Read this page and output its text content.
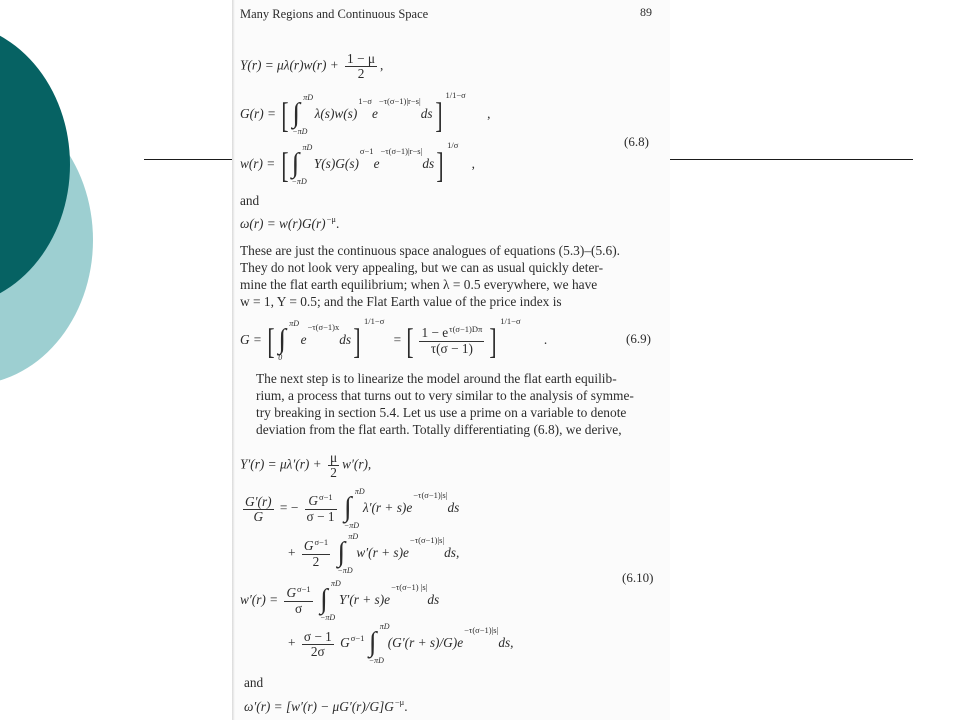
Many Regions and Continuous Space	89
$Y(r) = \mu\lambda(r)w(r) + \frac{1 - \mu}{2}$ ,
G(r) = [ ∫
πD
−πD
$\lambda(s)w(s)^{1-\sigma}e^{-\tau(\sigma-1)|r-s|}ds$] $^{1/1-\sigma}$ ,
(6.8)
w(r) = [ ∫
πD
−πD
$Y(s)G(s)^{\sigma-1}e^{-\tau(\sigma-1)|r-s|}ds$] $^{1/\sigma}$ ,
and
$\omega(r) = w(r)G(r)^{-\mu}$.
These are just the continuous space analogues of equations (5.3)–(5.6).
They do not look very appealing, but we can as usual quickly deter-
mine the flat earth equilibrium; when λ = 0.5 everywhere, we have
w = 1, Y = 0.5; and the Flat Earth value of the price index is
G = [ ∫
πD
0
$e^{-\tau(\sigma-1)x}ds$] $^{1/1-\sigma}$ = [ $\frac{1 - e^{\tau(\sigma-1)D\pi}}{\tau(\sigma - 1)}$ ] $^{1/1-\sigma}$ .	(6.9)
The next step is to linearize the model around the flat earth equilib-
rium, a process that turns out to very similar to the analysis of symme-
try breaking in section 5.4. Let us use a prime on a variable to denote
deviation from the flat earth. Totally differentiating (6.8), we derive,
$Y'(r) = \mu\lambda'(r) + \frac{\mu}{2} w'(r)$,
$\frac{G'(r)}{G}$ = − $\frac{G^{\sigma-1}}{\sigma - 1}$
∫
πD
−πD
$\lambda'(r + s)e^{-\tau(\sigma-1)|s|}ds$
+ $\frac{G^{\sigma-1}}{2}$
∫
πD
−πD
$w'(r + s)e^{-\tau(\sigma-1)|s|}ds$,
(6.10)
$w'(r) = \frac{G^{\sigma-1}}{\sigma}$
∫
πD
−πD
$Y'(r + s)e^{-\tau(\sigma-1) |s|}ds$
+ $\frac{\sigma - 1}{2\sigma} G^{\sigma-1}$ ∫
πD
−πD
$(G'(r + s)/G)e^{-\tau(\sigma-1)|s|}ds$,
and
$\omega'(r) = [w'(r) - \mu G'(r)/G]G^{-\mu}$.
